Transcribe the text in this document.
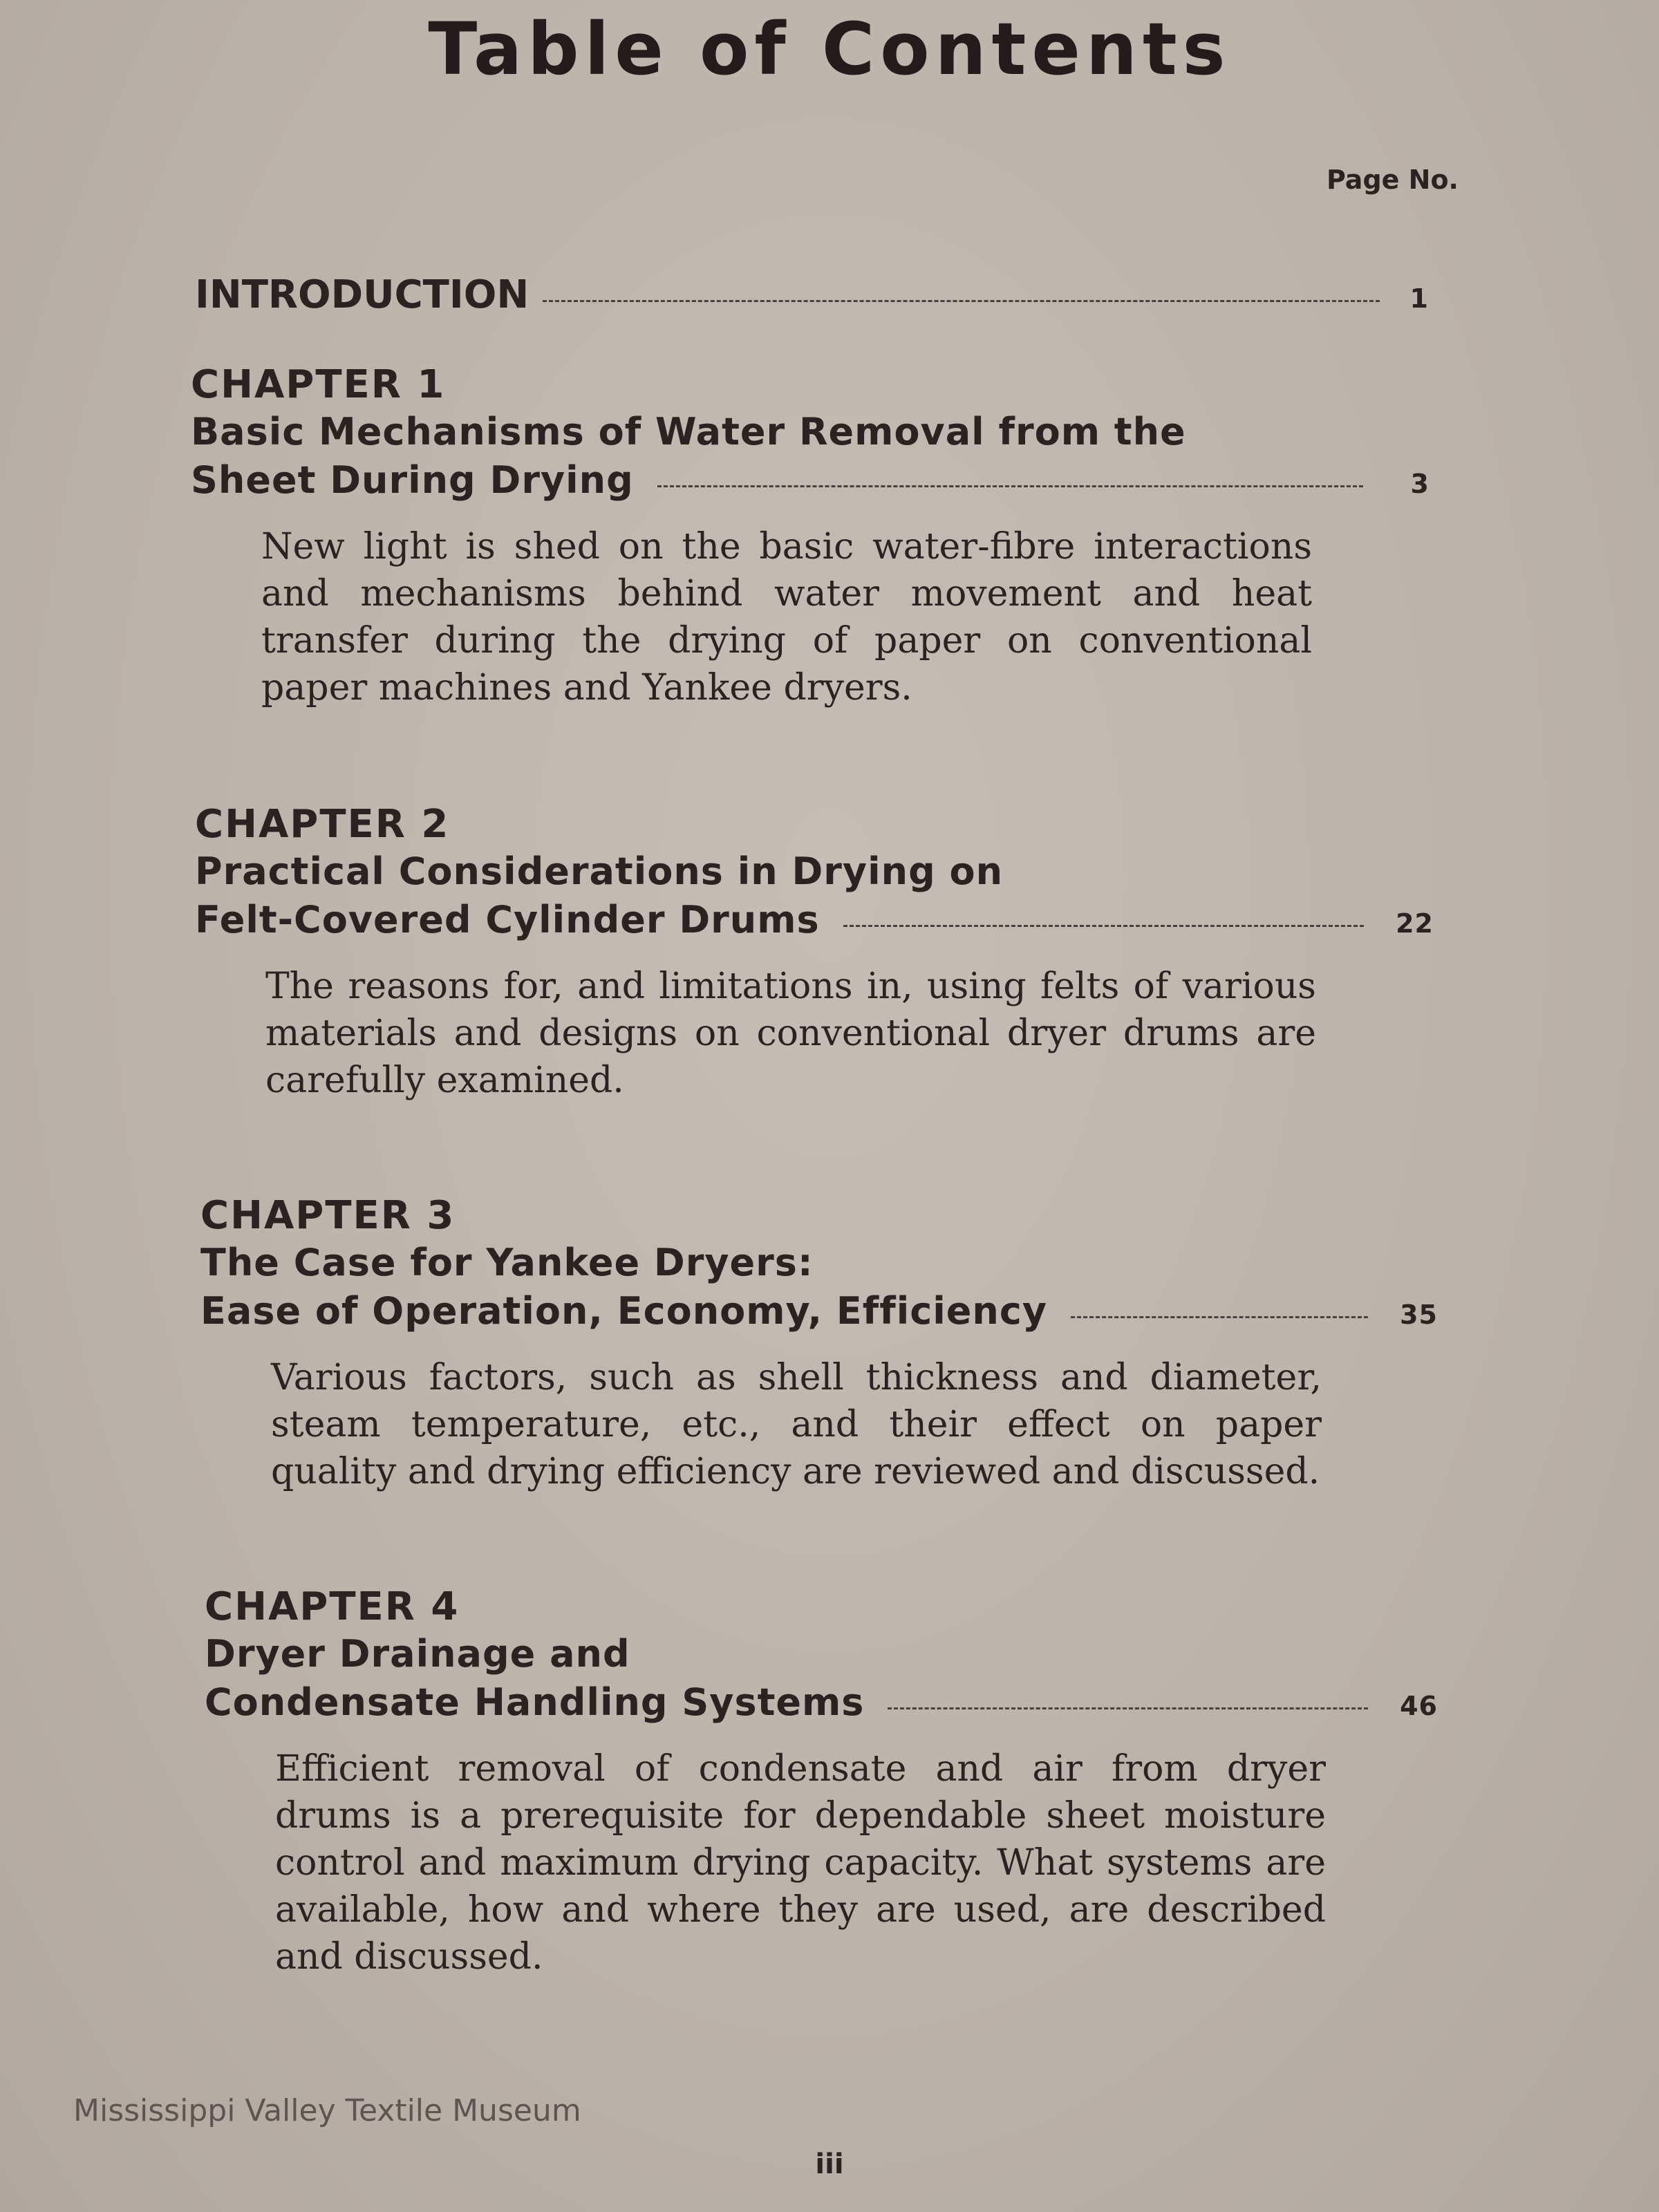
Table of Contents
Page No.
INTRODUCTION	1

CHAPTER 1

Basic Mechanisms of Water Removal from the

Sheet During Drying	3

New light is shed on the basic water-fibre interactions and mechanisms behind water movement and heat transfer during the drying of paper on conventional paper machines and Yankee dryers.

CHAPTER 2

Practical Considerations in Drying on

Felt-Covered Cylinder Drums	22

The reasons for, and limitations in, using felts of various materials and designs on conventional dryer drums are carefully examined.

CHAPTER 3

The Case for Yankee Dryers:

Ease of Operation, Economy, Efficiency	35

Various factors, such as shell thickness and diameter, steam temperature, etc., and their effect on paper quality and drying efficiency are reviewed and discussed.

CHAPTER 4

Dryer Drainage and

Condensate Handling Systems	46

Efficient removal of condensate and air from dryer drums is a prerequisite for dependable sheet moisture control and maximum drying capacity. What systems are available, how and where they are used, are described and discussed.

Mississippi Valley Textile Museum
iii
